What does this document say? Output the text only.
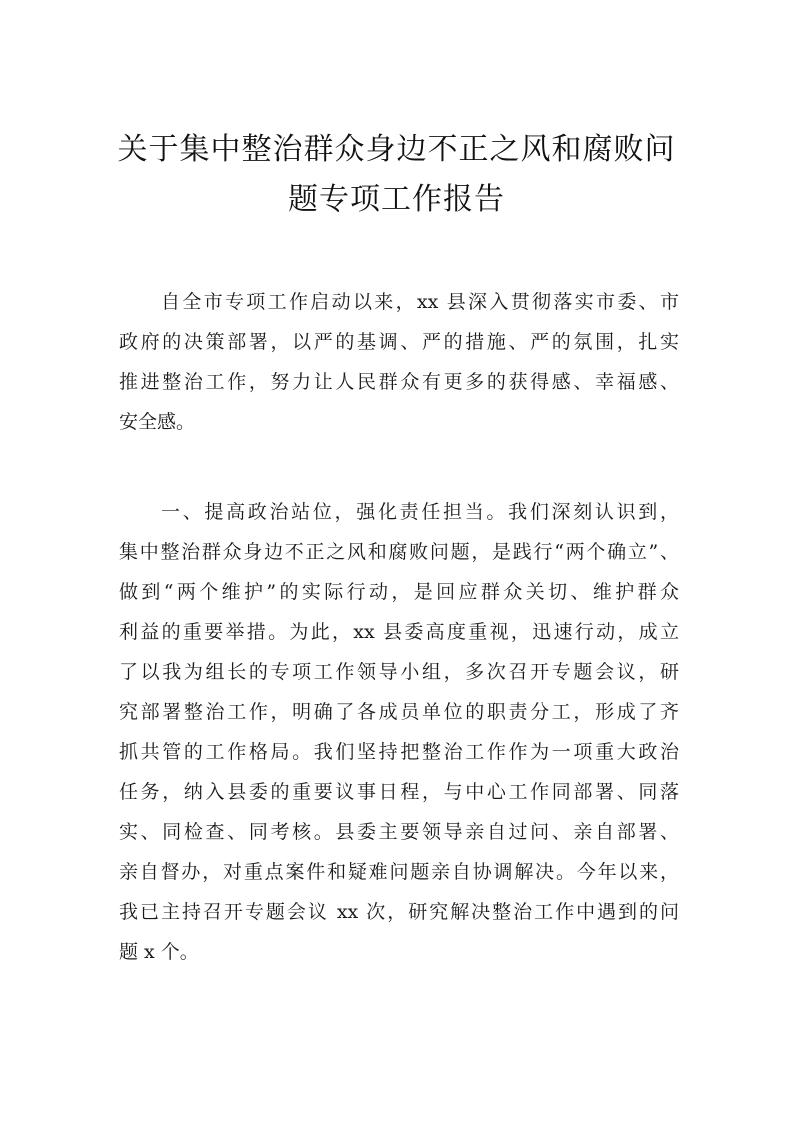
关于集中整治群众身边不正之风和腐败问
题专项工作报告
自全市专项工作启动以来，xx 县深入贯彻落实市委、市
政府的决策部署，以严的基调、严的措施、严的氛围，扎实
推进整治工作，努力让人民群众有更多的获得感、幸福感、
安全感。
一、提高政治站位，强化责任担当。我们深刻认识到，
集中整治群众身边不正之风和腐败问题，是践行“两个确立”、
做到“两个维护”的实际行动，是回应群众关切、维护群众
利益的重要举措。为此，xx 县委高度重视，迅速行动，成立
了以我为组长的专项工作领导小组，多次召开专题会议，研
究部署整治工作，明确了各成员单位的职责分工，形成了齐
抓共管的工作格局。我们坚持把整治工作作为一项重大政治
任务，纳入县委的重要议事日程，与中心工作同部署、同落
实、同检查、同考核。县委主要领导亲自过问、亲自部署、
亲自督办，对重点案件和疑难问题亲自协调解决。今年以来，
我已主持召开专题会议 xx 次，研究解决整治工作中遇到的问
题 x 个。
